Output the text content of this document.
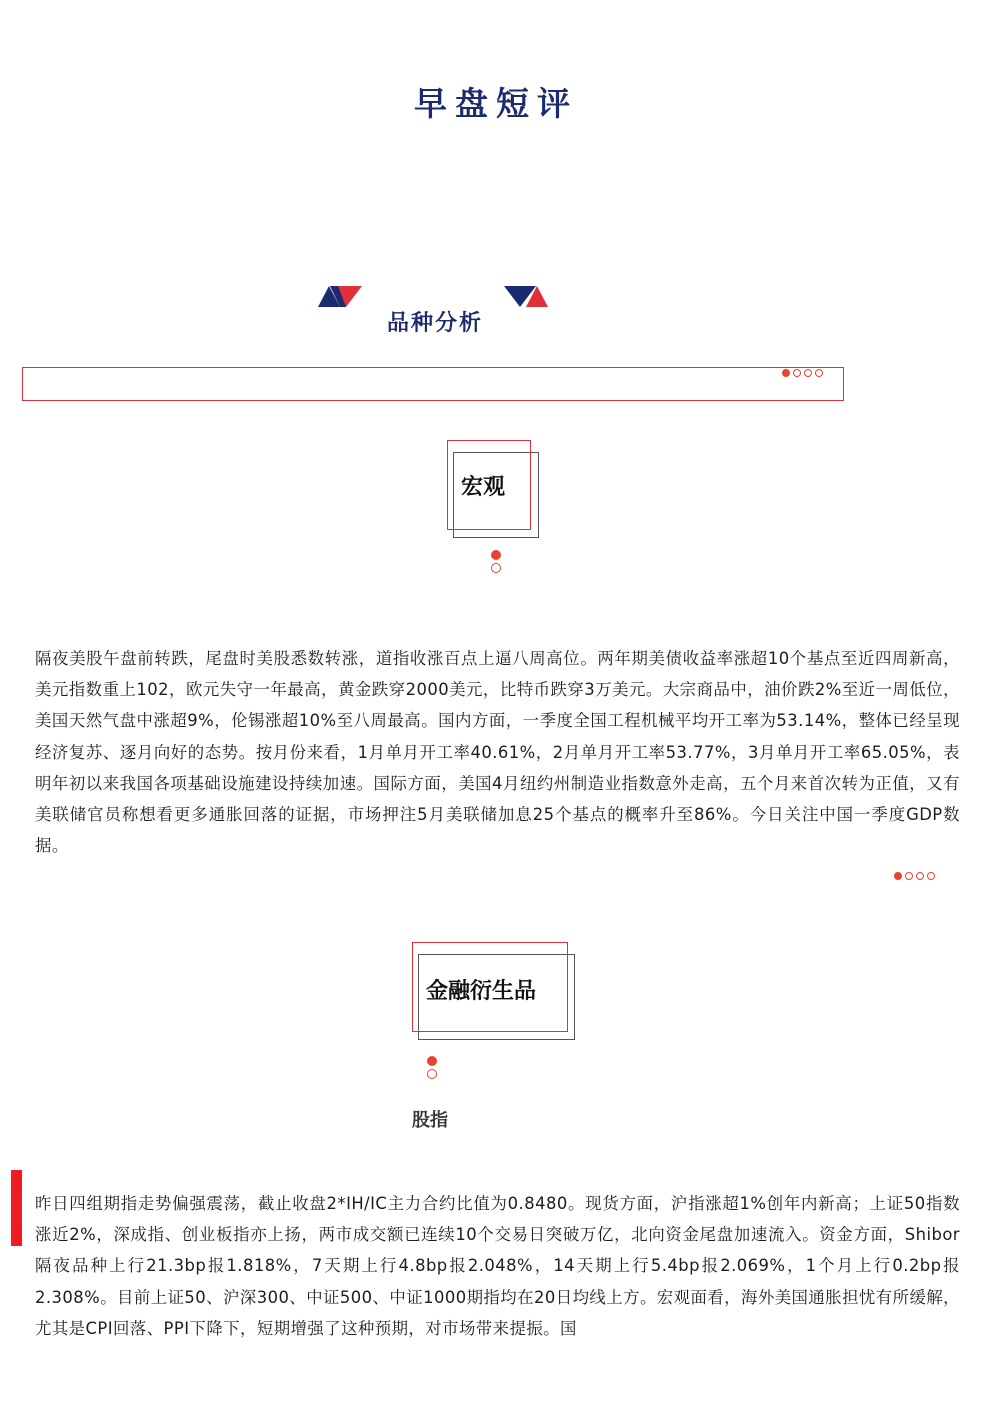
早盘短评
品种分析
宏观
隔夜美股午盘前转跌，尾盘时美股悉数转涨，道指收涨百点上逼八周高位。两年期美债收益率涨超10个基点至近四周新高，美元指数重上102，欧元失守一年最高，黄金跌穿2000美元，比特币跌穿3万美元。大宗商品中，油价跌2%至近一周低位，美国天然气盘中涨超9%，伦锡涨超10%至八周最高。国内方面，一季度全国工程机械平均开工率为53.14%，整体已经呈现经济复苏、逐月向好的态势。按月份来看，1月单月开工率40.61%，2月单月开工率53.77%，3月单月开工率65.05%，表明年初以来我国各项基础设施建设持续加速。国际方面，美国4月纽约州制造业指数意外走高，五个月来首次转为正值，又有美联储官员称想看更多通胀回落的证据，市场押注5月美联储加息25个基点的概率升至86%。今日关注中国一季度GDP数据。
金融衍生品
股指
昨日四组期指走势偏强震荡，截止收盘2*IH/IC主力合约比值为0.8480。现货方面，沪指涨超1%创年内新高；上证50指数涨近2%，深成指、创业板指亦上扬，两市成交额已连续10个交易日突破万亿，北向资金尾盘加速流入。资金方面，Shibor隔夜品种上行21.3bp报1.818%，7天期上行4.8bp报2.048%，14天期上行5.4bp报2.069%，1个月上行0.2bp报2.308%。目前上证50、沪深300、中证500、中证1000期指均在20日均线上方。宏观面看，海外美国通胀担忧有所缓解，尤其是CPI回落、PPI下降下，短期增强了这种预期，对市场带来提振。国
